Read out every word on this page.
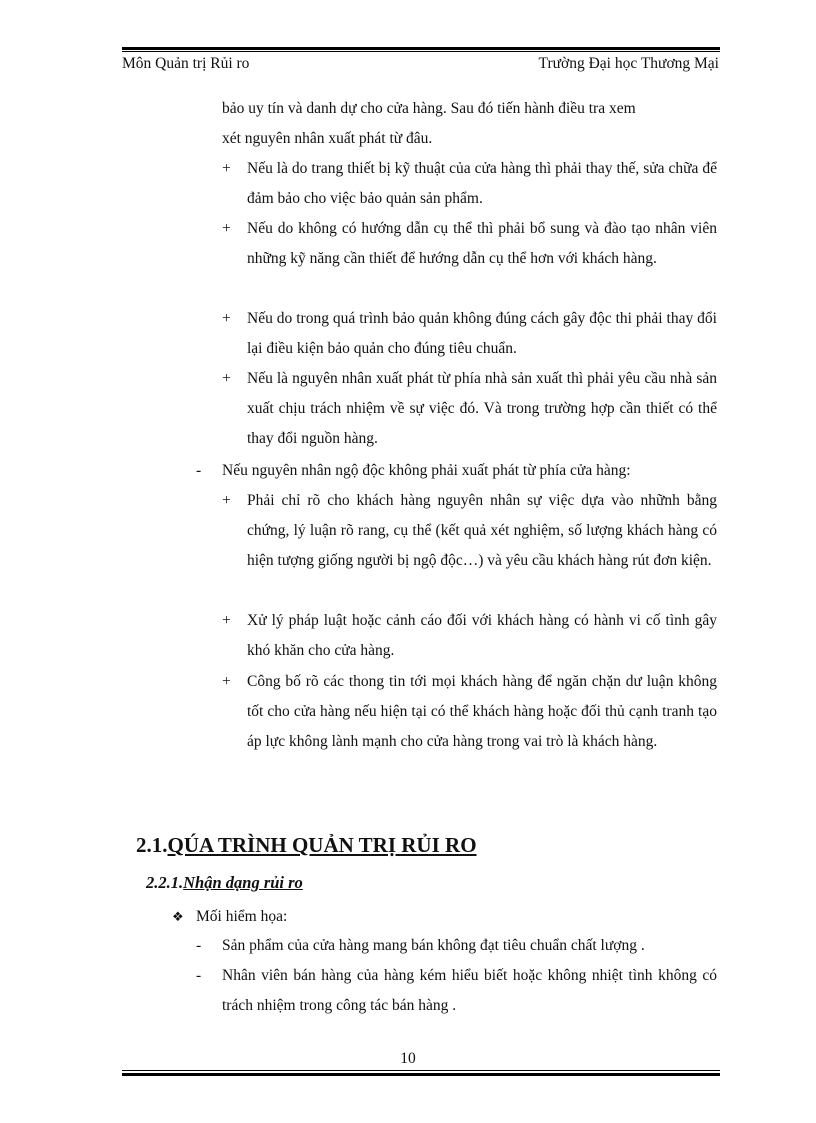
Môn Quản trị Rủi ro	Trường Đại học Thương Mại
bảo uy tín và danh dự cho cửa hàng. Sau đó tiến hành điều tra xem
xét nguyên nhân xuất phát từ đâu.
+	Nếu là do trang thiết bị kỹ thuật của cửa hàng thì phải thay thế, sửa chữa để đảm bảo cho việc bảo quản sản phẩm.
+	Nếu do không có hướng dẫn cụ thể thì phải bổ sung và đào tạo nhân viên những kỹ năng cần thiết để hướng dẫn cụ thể hơn với khách hàng.
+	Nếu do trong quá trình bảo quản không đúng cách gây độc thi phải thay đổi lại điều kiện bảo quản cho đúng tiêu chuẩn.
+	Nếu là nguyên nhân xuất phát từ phía nhà sản xuất thì phải yêu cầu nhà sản xuất chịu trách nhiệm về sự việc đó. Và trong trường hợp cần thiết có thể thay đổi nguồn hàng.
-	Nếu nguyên nhân ngộ độc không phải xuất phát từ phía cửa hàng:
+	Phải chỉ rõ cho khách hàng nguyên nhân sự việc dựa vào nhữnh bằng chứng, lý luận rõ rang, cụ thể (kết quả xét nghiệm, số lượng khách hàng có hiện tượng giống người bị ngộ độc…) và yêu cầu khách hàng rút đơn kiện.
+	Xử lý pháp luật hoặc cảnh cáo đối với khách hàng có hành vi cố tình gây khó khăn cho cửa hàng.
+	Công bố rõ các thong tin tới mọi khách hàng để ngăn chặn dư luận không tốt cho cửa hàng nếu hiện tại có thể khách hàng hoặc đối thủ cạnh tranh tạo áp lực không lành mạnh cho cửa hàng trong vai trò là khách hàng.
2.1.QÚA TRÌNH QUẢN TRỊ RỦI RO
2.2.1.Nhận dạng rủi ro
❖ Mối hiểm họa:
-	Sản phẩm của cửa hàng mang bán không đạt tiêu chuẩn chất lượng .
-	Nhân viên bán hàng của hàng kém hiểu biết hoặc không nhiệt tình không có trách nhiệm trong công tác bán hàng .
10
